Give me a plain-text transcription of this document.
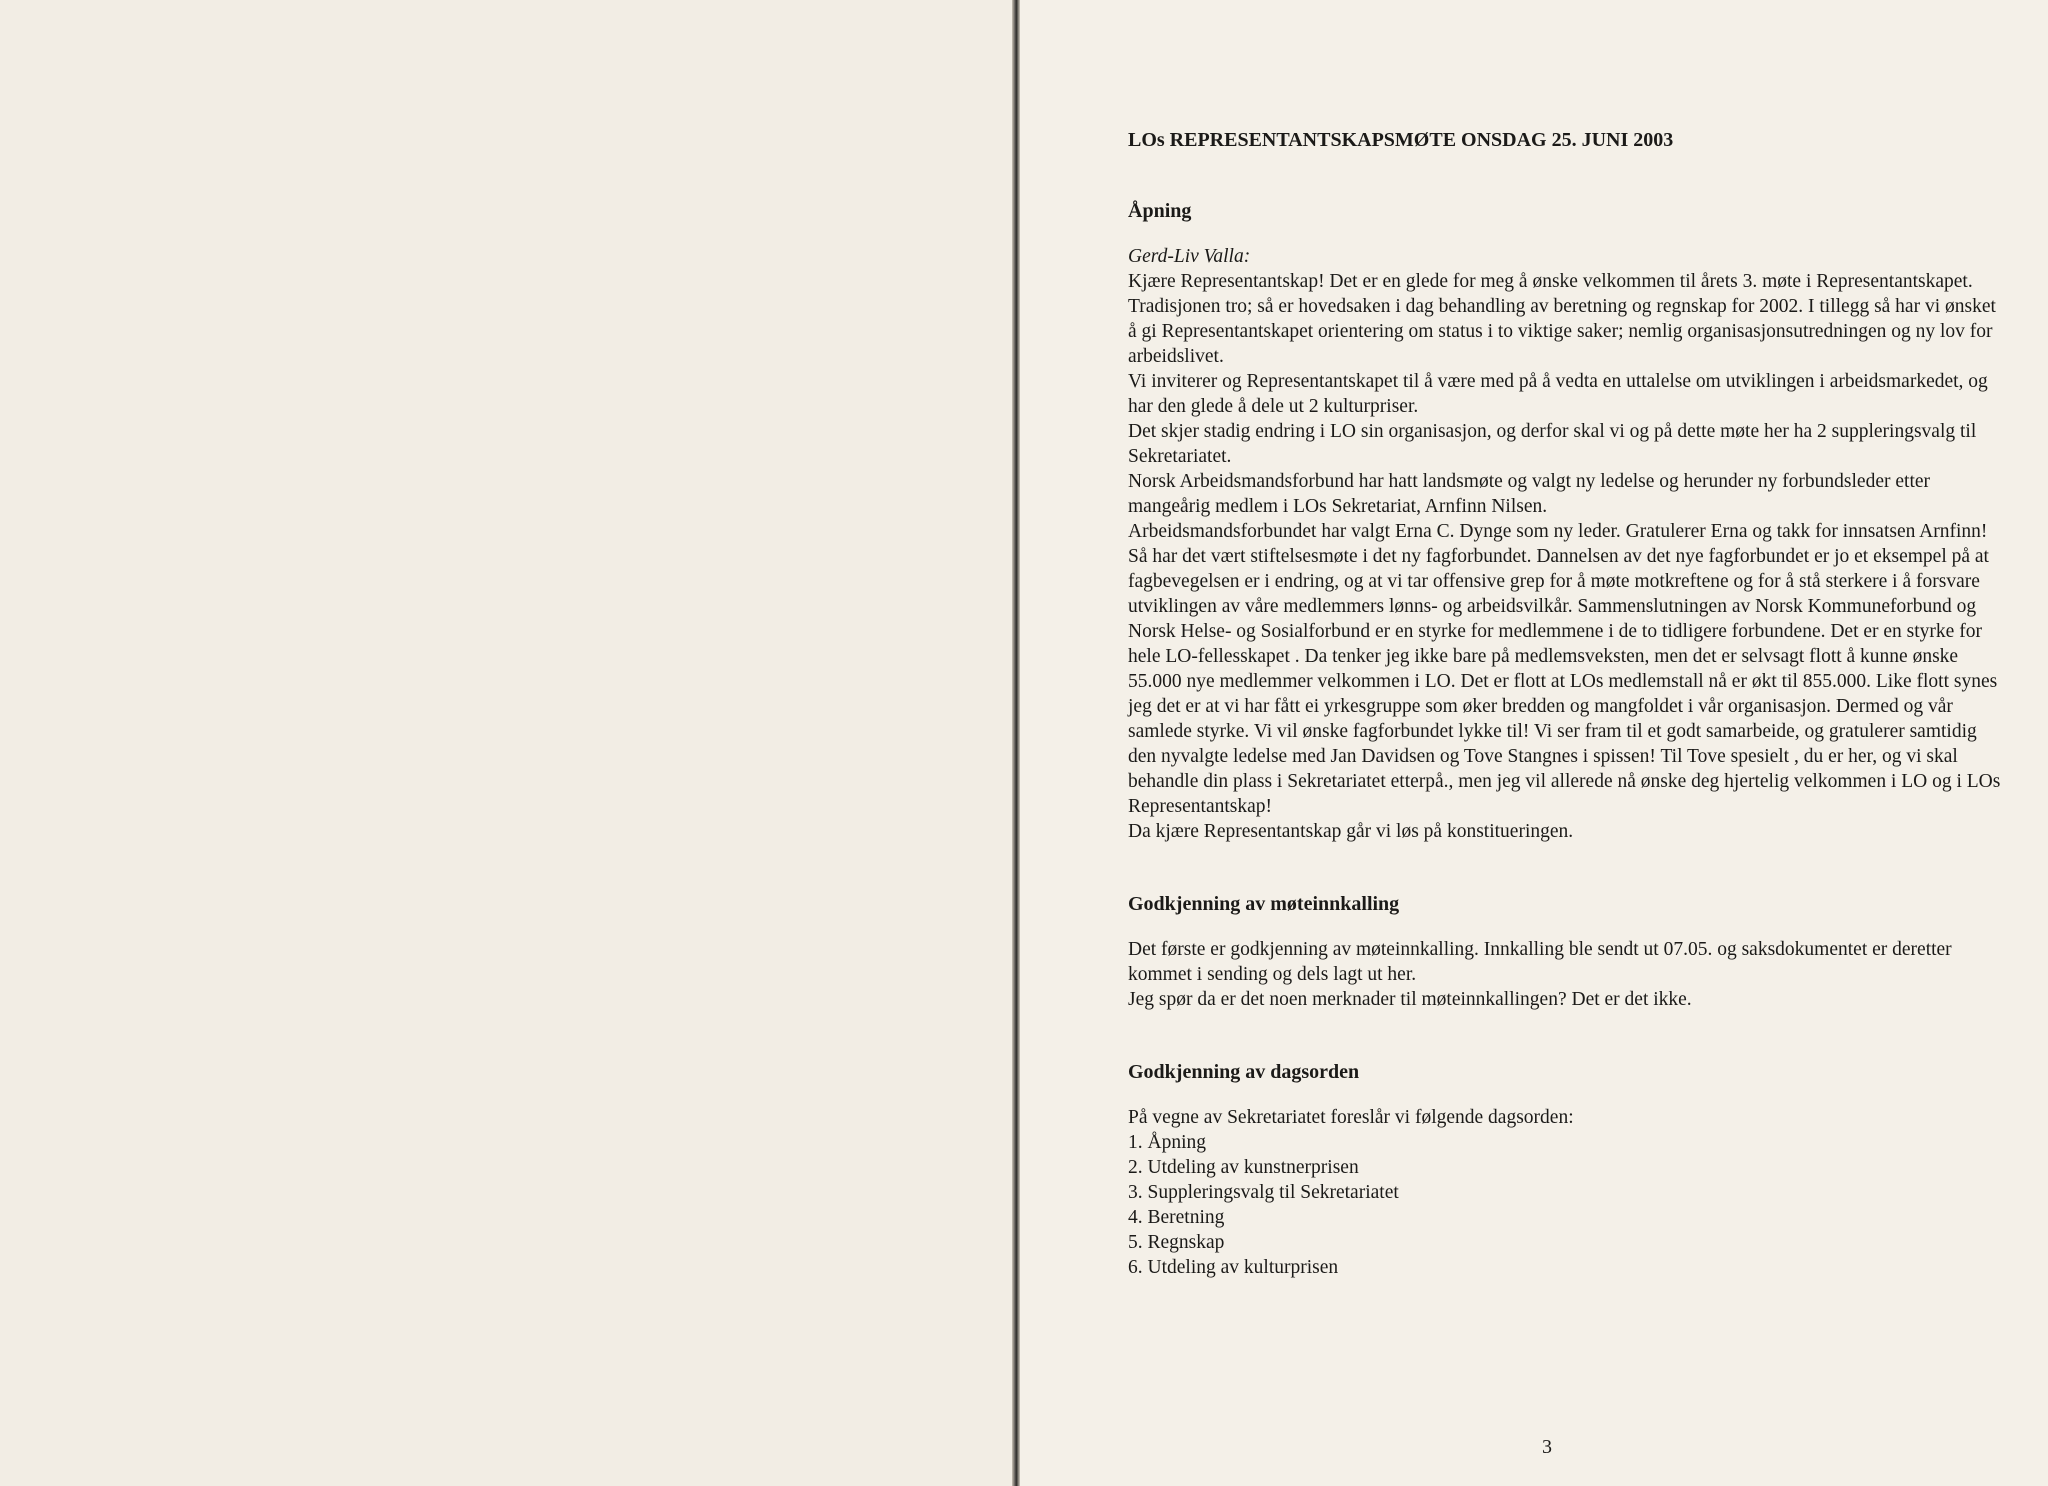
LOs REPRESENTANTSKAPSMØTE ONSDAG 25. JUNI 2003

Åpning

Gerd-Liv Valla:

Kjære Representantskap! Det er en glede for meg å ønske velkommen til årets 3. møte i Representantskapet. Tradisjonen tro; så er hovedsaken i dag behandling av beretning og regnskap for 2002. I tillegg så har vi ønsket å gi Representantskapet orientering om status i to viktige saker; nemlig organisasjonsutredningen og ny lov for arbeidslivet.

Vi inviterer og Representantskapet til å være med på å vedta en uttalelse om utviklingen i arbeidsmarkedet, og har den glede å dele ut 2 kulturpriser.

Det skjer stadig endring i LO sin organisasjon, og derfor skal vi og på dette møte her ha 2 suppleringsvalg til Sekretariatet.

Norsk Arbeidsmandsforbund har hatt landsmøte og valgt ny ledelse og herunder ny forbundsleder etter mangeårig medlem i LOs Sekretariat, Arnfinn Nilsen.

Arbeidsmandsforbundet har valgt Erna C. Dynge som ny leder. Gratulerer Erna og takk for innsatsen Arnfinn!

Så har det vært stiftelsesmøte i det ny fagforbundet. Dannelsen av det nye fagforbundet er jo et eksempel på at fagbevegelsen er i endring, og at vi tar offensive grep for å møte motkreftene og for å stå sterkere i å forsvare utviklingen av våre medlemmers lønns- og arbeidsvilkår. Sammenslutningen av Norsk Kommuneforbund og Norsk Helse- og Sosialforbund er en styrke for medlemmene i de to tidligere forbundene. Det er en styrke for hele LO-fellesskapet . Da tenker jeg ikke bare på medlemsveksten, men det er selvsagt flott å kunne ønske 55.000 nye medlemmer velkommen i LO. Det er flott at LOs medlemstall nå er økt til 855.000. Like flott synes jeg det er at vi har fått ei yrkesgruppe som øker bredden og mangfoldet i vår organisasjon. Dermed og vår samlede styrke. Vi vil ønske fagforbundet lykke til! Vi ser fram til et godt samarbeide, og gratulerer samtidig den nyvalgte ledelse med Jan Davidsen og Tove Stangnes i spissen! Til Tove spesielt , du er her, og vi skal behandle din plass i Sekretariatet etterpå., men jeg vil allerede nå ønske deg hjertelig velkommen i LO og i LOs Representantskap!

Da kjære Representantskap går vi løs på konstitueringen.

Godkjenning av møteinnkalling

Det første er godkjenning av møteinnkalling. Innkalling ble sendt ut 07.05. og saksdokumentet er deretter kommet i sending og dels lagt ut her.

Jeg spør da er det noen merknader til møteinnkallingen? Det er det ikke.

Godkjenning av dagsorden

På vegne av Sekretariatet foreslår vi følgende dagsorden:

1. Åpning
2. Utdeling av kunstnerprisen
3. Suppleringsvalg til Sekretariatet
4. Beretning
5. Regnskap
6. Utdeling av kulturprisen
3
